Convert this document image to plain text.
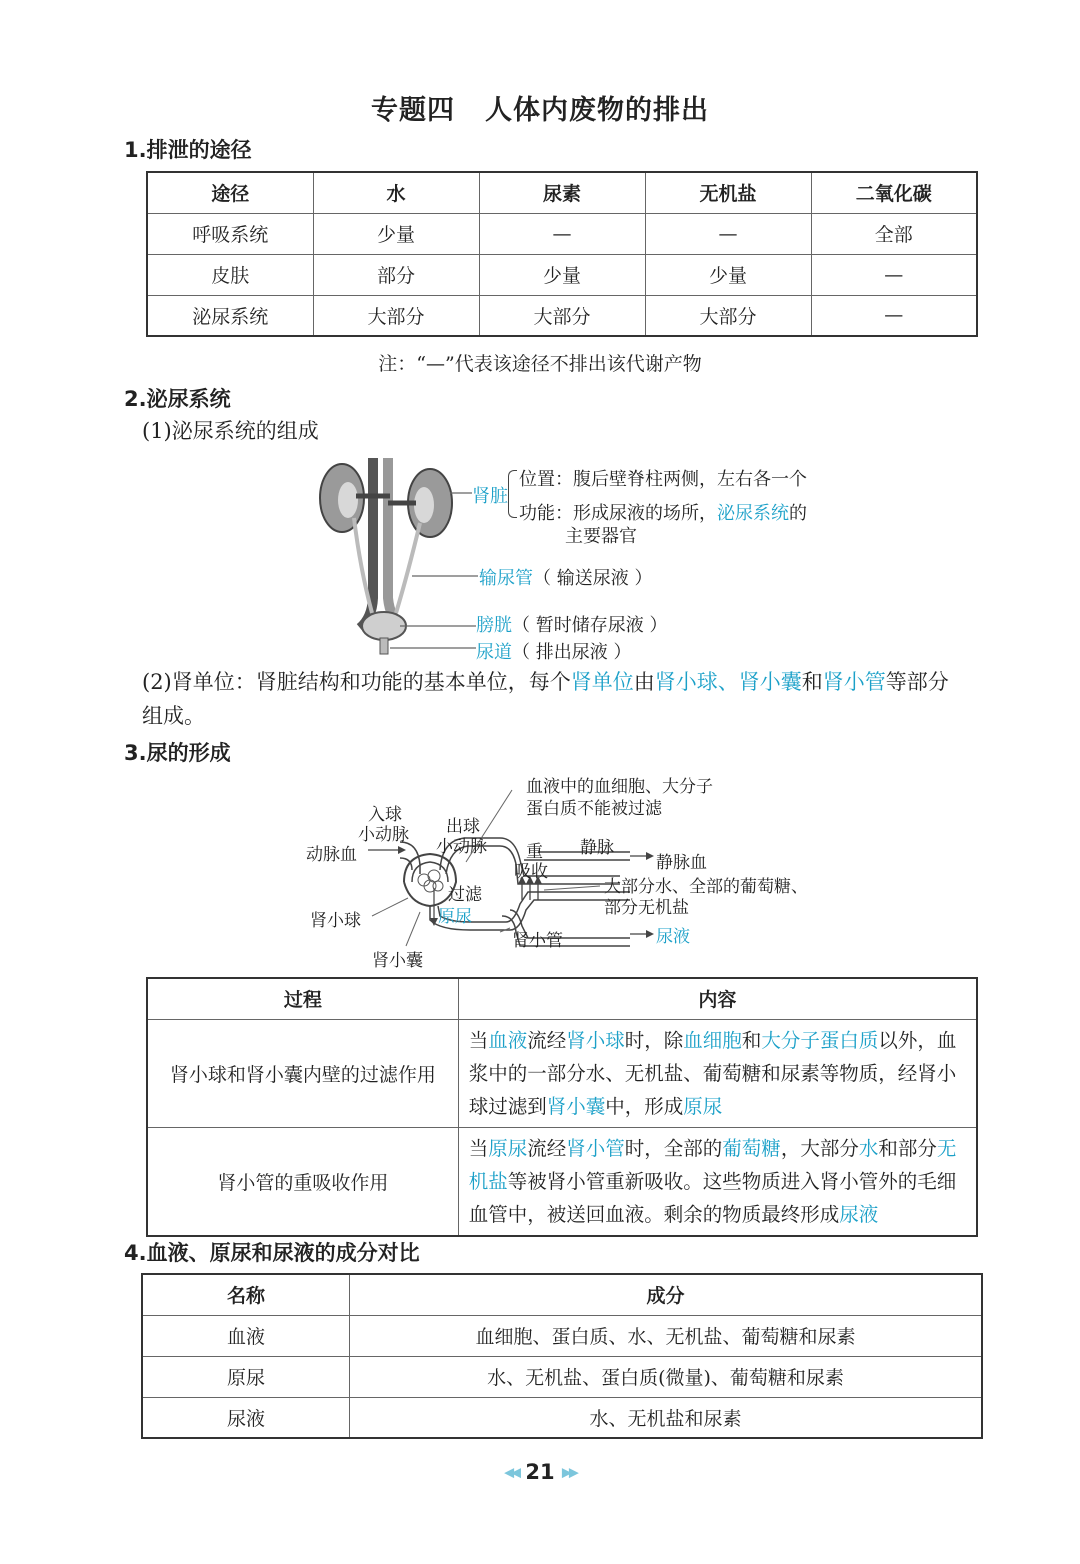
专题四 人体内废物的排出
1.排泄的途径
途径	水	尿素	无机盐	二氧化碳
呼吸系统	少量	—	—	全部
皮肤	部分	少量	少量	—
泌尿系统	大部分	大部分	大部分	—
注：“—”代表该途径不排出该代谢产物
2.泌尿系统
(1)泌尿系统的组成
肾脏
位置：腹后壁脊柱两侧，左右各一个
功能：形成尿液的场所，泌尿系统的
主要器官
输尿管（ 输送尿液 ）
膀胱（ 暂时储存尿液 ）
尿道（ 排出尿液 ）
(2)肾单位：肾脏结构和功能的基本单位，每个肾单位由肾小球、肾小囊和肾小管等部分
组成。
3.尿的形成
入球
小动脉 出球
小动脉
动脉血
肾小球
肾小囊
过滤
原尿
重
吸收
静脉
静脉血
血液中的血细胞、大分子
蛋白质不能被过滤
大部分水、全部的葡萄糖、
部分无机盐
肾小管	尿液
过程	内容
肾小球和肾小囊内壁的过滤作用	当血液流经肾小球时，除血细胞和大分子蛋白质以外，血浆中的一部分水、无机盐、葡萄糖和尿素等物质，经肾小球过滤到肾小囊中，形成原尿
肾小管的重吸收作用	当原尿流经肾小管时，全部的葡萄糖，大部分水和部分无机盐等被肾小管重新吸收。这些物质进入肾小管外的毛细血管中，被送回血液。剩余的物质最终形成尿液
4.血液、原尿和尿液的成分对比
名称	成分
血液	血细胞、蛋白质、水、无机盐、葡萄糖和尿素
原尿	水、无机盐、蛋白质(微量)、葡萄糖和尿素
尿液	水、无机盐和尿素
◀◀ 21 ▶▶
